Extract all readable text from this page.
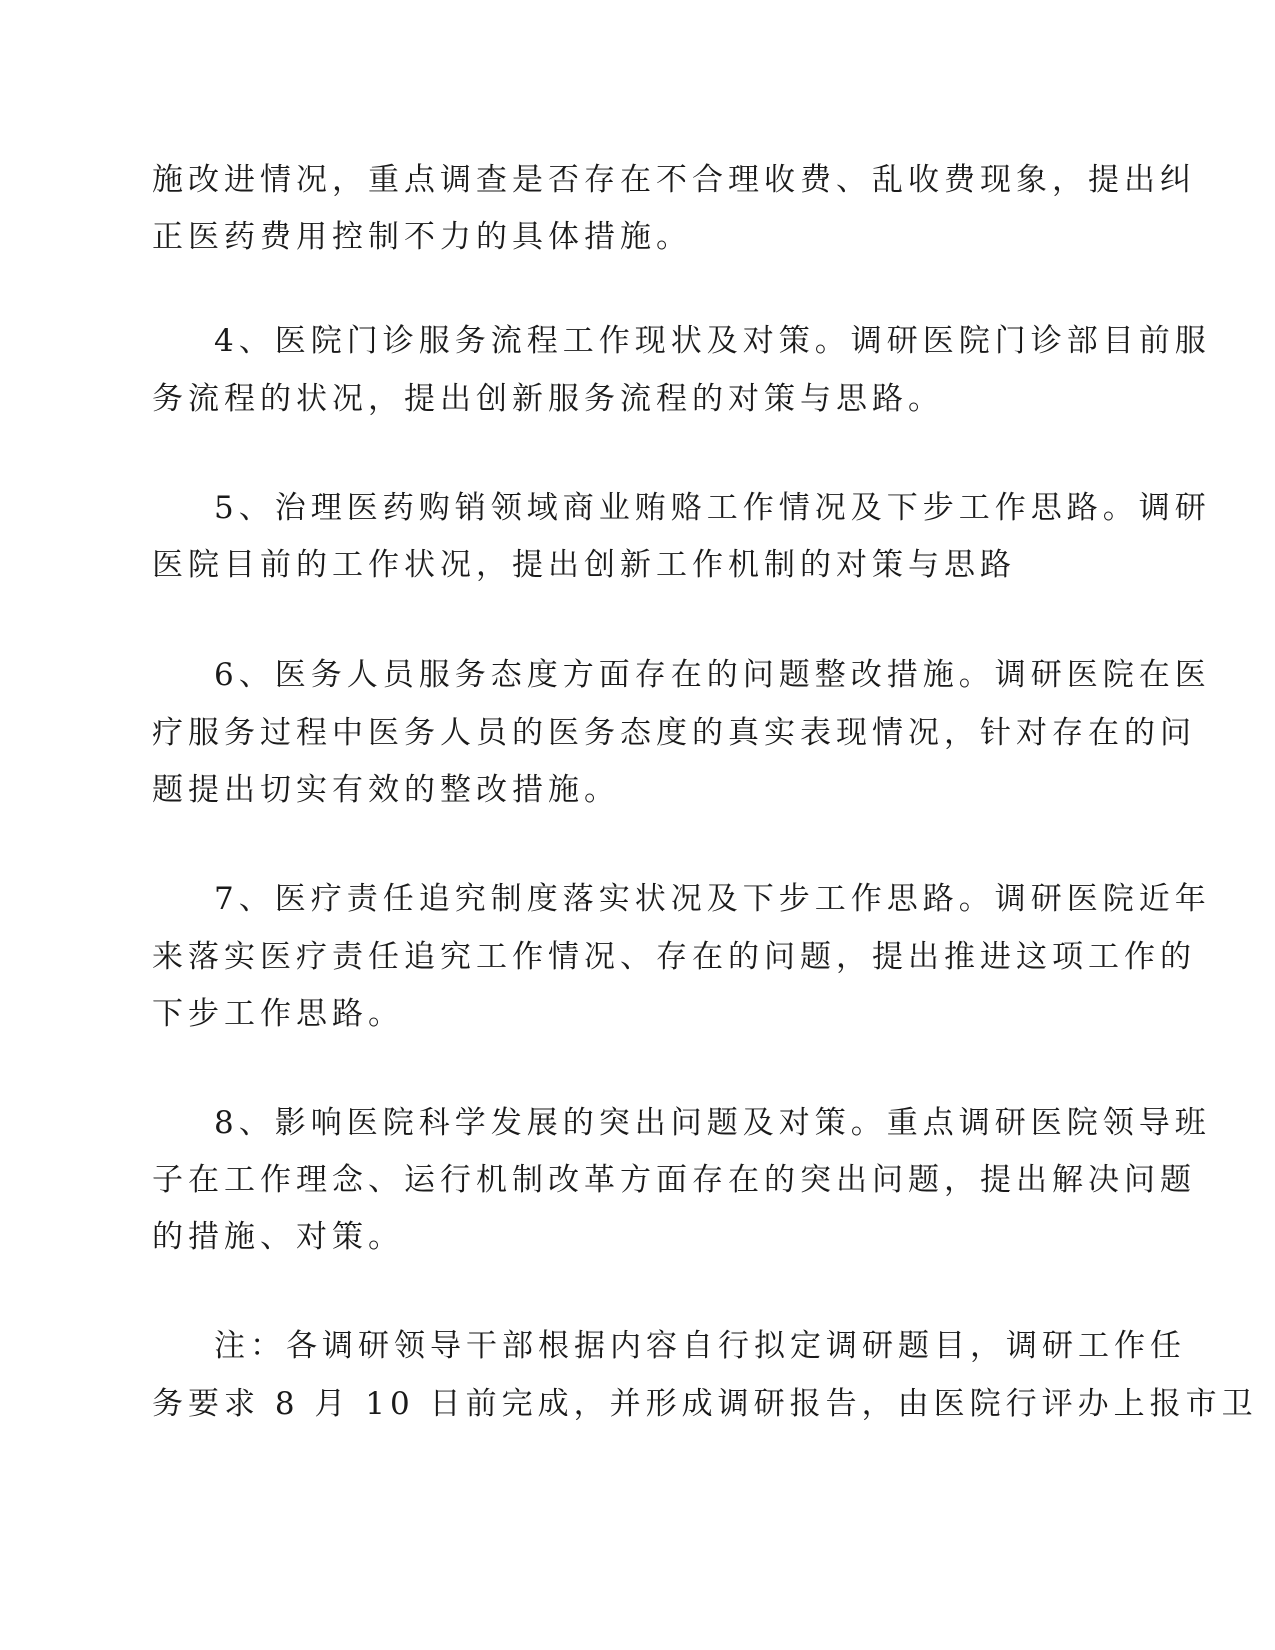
施改进情况，重点调查是否存在不合理收费、乱收费现象，提出纠
正医药费用控制不力的具体措施。
4、医院门诊服务流程工作现状及对策。调研医院门诊部目前服
务流程的状况，提出创新服务流程的对策与思路。
5、治理医药购销领域商业贿赂工作情况及下步工作思路。调研
医院目前的工作状况，提出创新工作机制的对策与思路
6、医务人员服务态度方面存在的问题整改措施。调研医院在医
疗服务过程中医务人员的医务态度的真实表现情况，针对存在的问
题提出切实有效的整改措施。
7、医疗责任追究制度落实状况及下步工作思路。调研医院近年
来落实医疗责任追究工作情况、存在的问题，提出推进这项工作的
下步工作思路。
8、影响医院科学发展的突出问题及对策。重点调研医院领导班
子在工作理念、运行机制改革方面存在的突出问题，提出解决问题
的措施、对策。
注：各调研领导干部根据内容自行拟定调研题目，调研工作任
务要求 8 月 10 日前完成，并形成调研报告，由医院行评办上报市卫
